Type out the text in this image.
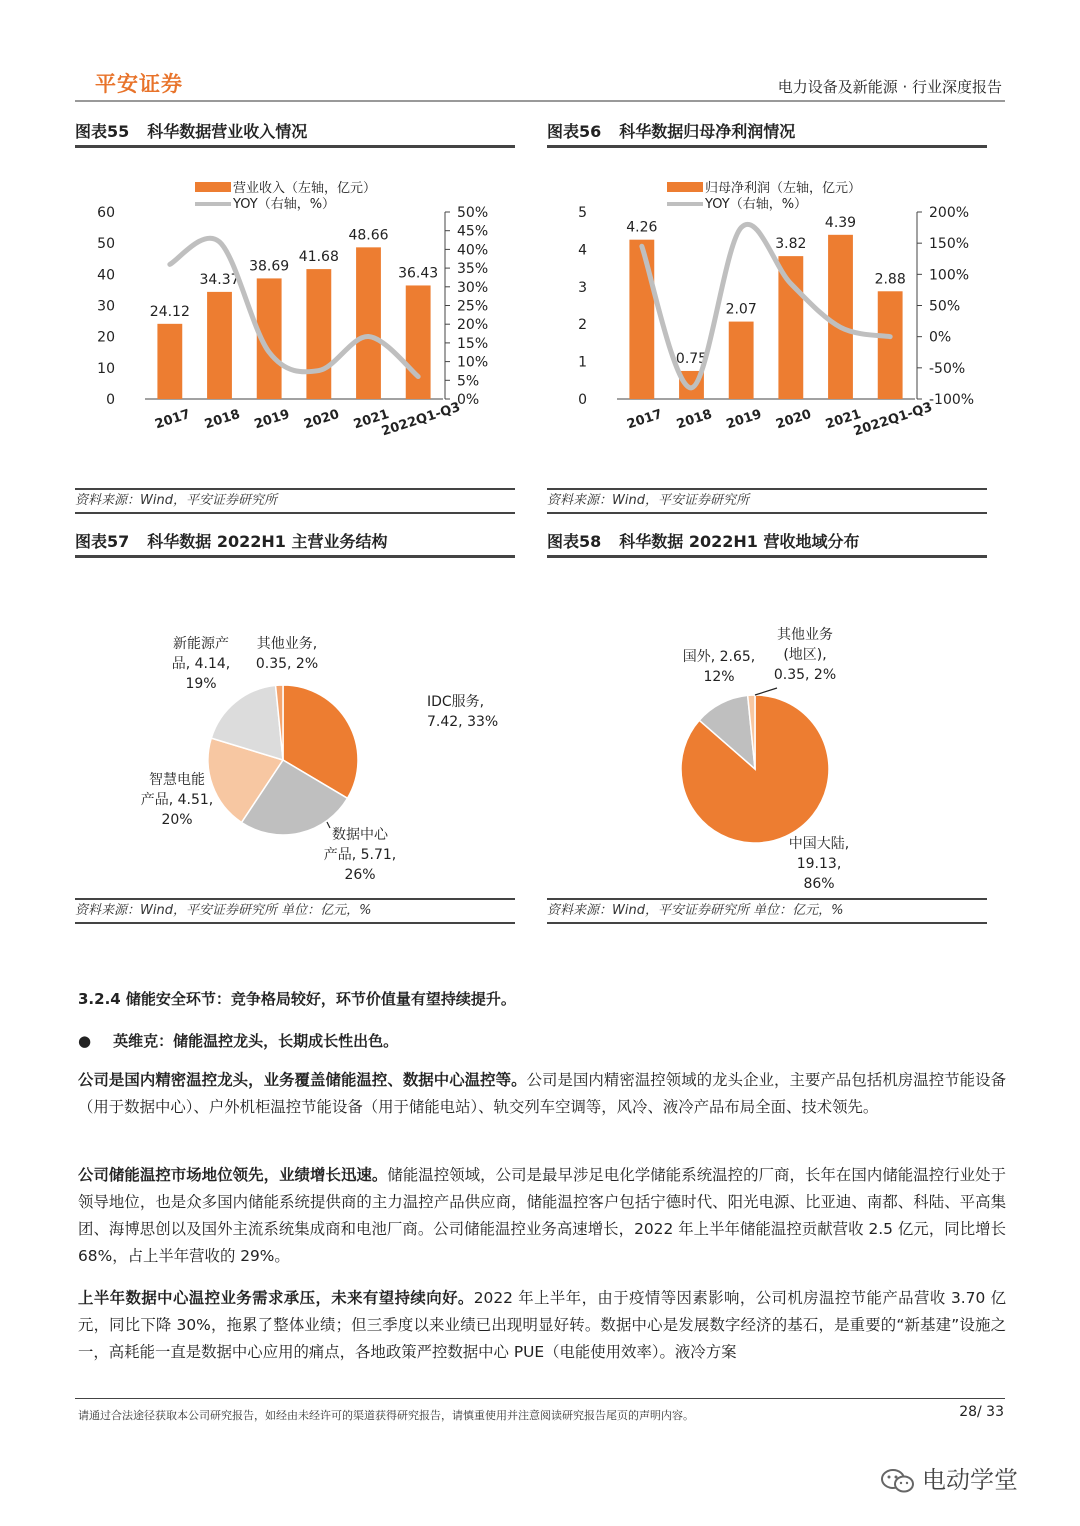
平安证券	电力设备及新能源 · 行业深度报告
图表55 科华数据营业收入情况
营业收入（左轴，亿元）
YOY（右轴，%）
0
10
20
30
40
50
60
0%
5%
10%
15%
20%
25%
30%
35%
40%
45%
50%
24.12
2017
34.37
2018
38.69
2019
41.68
2020
48.66
2021
36.43
2022Q1-Q3
资料来源：Wind，平安证券研究所
图表56 科华数据归母净利润情况
归母净利润（左轴，亿元）
YOY（右轴，%）
0
1
2
3
4
5
-100%
-50%
0%
50%
100%
150%
200%
4.26
2017
0.75
2018
2.07
2019
3.82
2020
4.39
2021
2.88
2022Q1-Q3
资料来源：Wind，平安证券研究所
图表57 科华数据 2022H1 主营业务结构
IDC服务,
7.42, 33%
数据中心
产品, 5.71,
26%
智慧电能
产品, 4.51,
20%
新能源产
品, 4.14,
19%
其他业务,
0.35, 2%
资料来源：Wind，平安证券研究所 单位：亿元，%
图表58 科华数据 2022H1 营收地域分布
中国大陆,
19.13,
86%
国外, 2.65,
12%
其他业务
(地区),
0.35, 2%
资料来源：Wind，平安证券研究所 单位：亿元，%
3.2.4 储能安全环节：竞争格局较好，环节价值量有望持续提升。
● 英维克：储能温控龙头，长期成长性出色。
公司是国内精密温控龙头，业务覆盖储能温控、数据中心温控等。公司是国内精密温控领域的龙头企业，主要产品包括机房温控节能设备（用于数据中心）、户外机柜温控节能设备（用于储能电站）、轨交列车空调等，风冷、液冷产品布局全面、技术领先。
公司储能温控市场地位领先，业绩增长迅速。储能温控领域，公司是最早涉足电化学储能系统温控的厂商，长年在国内储能温控行业处于领导地位，也是众多国内储能系统提供商的主力温控产品供应商，储能温控客户包括宁德时代、阳光电源、比亚迪、南都、科陆、平高集团、海博思创以及国外主流系统集成商和电池厂商。公司储能温控业务高速增长，2022 年上半年储能温控贡献营收 2.5 亿元，同比增长 68%，占上半年营收的 29%。
上半年数据中心温控业务需求承压，未来有望持续向好。2022 年上半年，由于疫情等因素影响，公司机房温控节能产品营收 3.70 亿元，同比下降 30%，拖累了整体业绩；但三季度以来业绩已出现明显好转。数据中心是发展数字经济的基石，是重要的“新基建”设施之一，高耗能一直是数据中心应用的痛点，各地政策严控数据中心 PUE（电能使用效率）。液冷方案
请通过合法途径获取本公司研究报告，如经由未经许可的渠道获得研究报告，请慎重使用并注意阅读研究报告尾页的声明内容。	28/ 33
电动学堂
